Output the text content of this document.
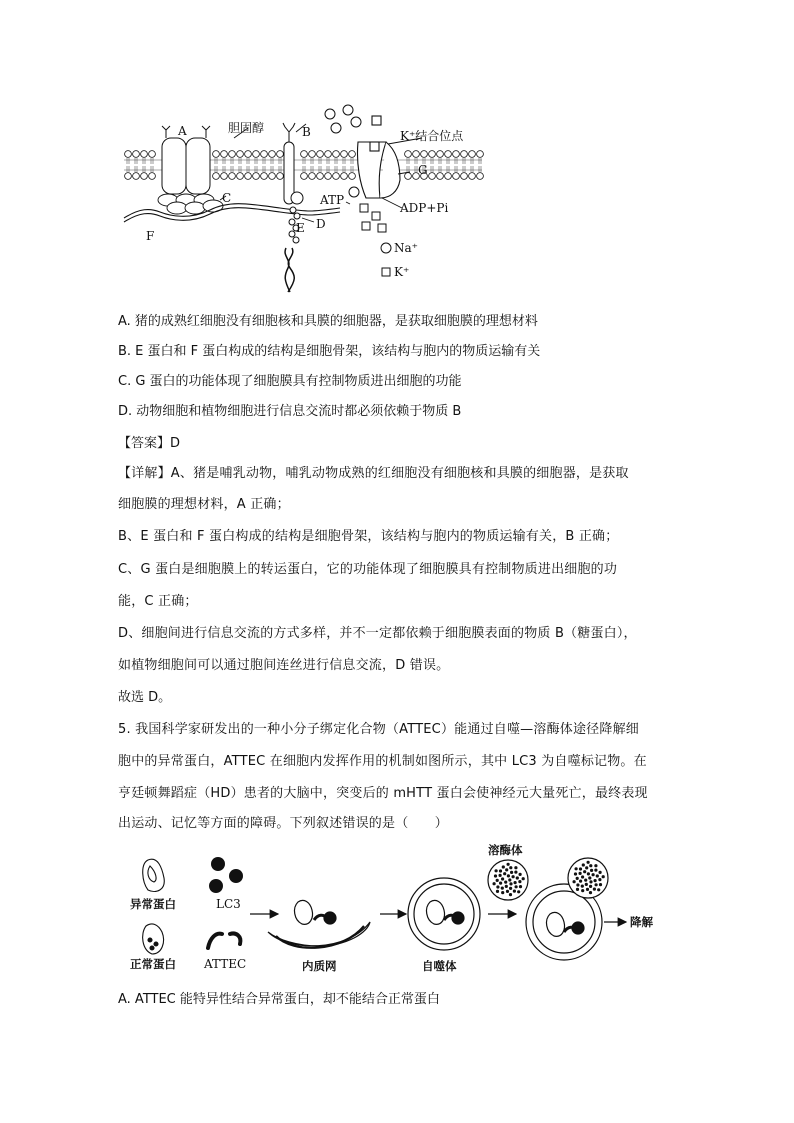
A	胆固醇	B	K⁺结合位点
G
C	ATP
ADP+Pi
D
E
F
Na⁺
K⁺
A. 猪的成熟红细胞没有细胞核和具膜的细胞器，是获取细胞膜的理想材料
B. E 蛋白和 F 蛋白构成的结构是细胞骨架，该结构与胞内的物质运输有关
C. G 蛋白的功能体现了细胞膜具有控制物质进出细胞的功能
D. 动物细胞和植物细胞进行信息交流时都必须依赖于物质 B
【答案】D
【详解】A、猪是哺乳动物，哺乳动物成熟的红细胞没有细胞核和具膜的细胞器，是获取
细胞膜的理想材料，A 正确；
B、E 蛋白和 F 蛋白构成的结构是细胞骨架，该结构与胞内的物质运输有关，B 正确；
C、G 蛋白是细胞膜上的转运蛋白，它的功能体现了细胞膜具有控制物质进出细胞的功
能，C 正确；
D、细胞间进行信息交流的方式多样，并不一定都依赖于细胞膜表面的物质 B（糖蛋白），
如植物细胞间可以通过胞间连丝进行信息交流，D 错误。
故选 D。
5. 我国科学家研发出的一种小分子绑定化合物（ATTEC）能通过自噬—溶酶体途径降解细
胞中的异常蛋白，ATTEC 在细胞内发挥作用的机制如图所示，其中 LC3 为自噬标记物。在
亨廷顿舞蹈症（HD）患者的大脑中，突变后的 mHTT 蛋白会使神经元大量死亡，最终表现
出运动、记忆等方面的障碍。下列叙述错误的是（　　）
异常蛋白	LC3
正常蛋白 ATTEC	内质网	自噬体
溶酶体
降解
A. ATTEC 能特异性结合异常蛋白，却不能结合正常蛋白
